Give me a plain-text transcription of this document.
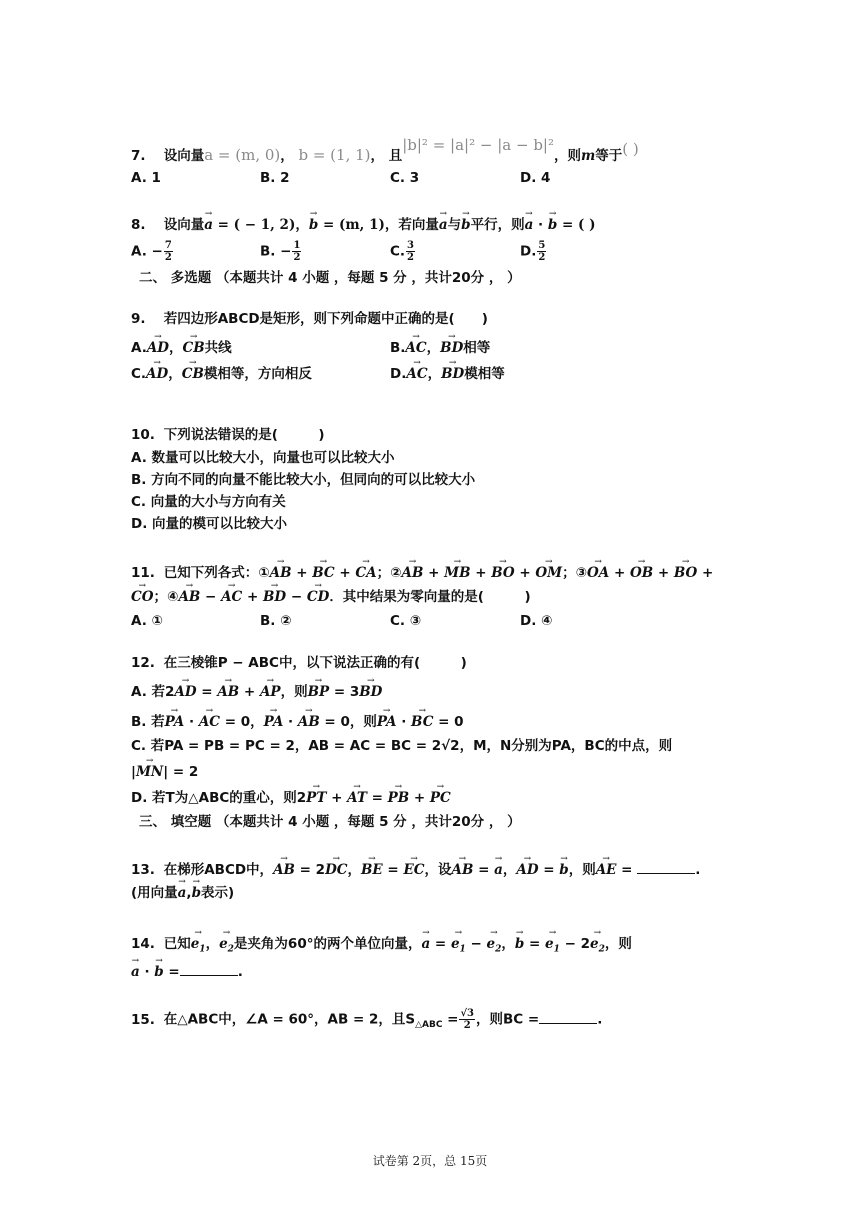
7. 设向量a = (m, 0)， b = (1, 1)， 且|b|² = |a|² − |a − b|²，则m等于( )
A. 1	B. 2	C. 3	D. 4
8. 设向量→ a = ( − 1, 2)，→ b = (m, 1)，若向量→ a与→ b平行，则→ a · → b = ( )
A. − $\frac{7}{2}$	B. − $\frac{1}{2}$	C. $\frac{3}{2}$	D. $\frac{5}{2}$
二、 多选题 （本题共计 4 小题 ，每题 5 分 ，共计20分 ， ）
9. 若四边形ABCD是矩形，则下列命题中正确的是(　　)
A.→ AD，→ CB共线	B.→ AC，→ BD相等
C.→ AD，→ CB模相等，方向相反	D.→ AC，→ BD模相等
10. 下列说法错误的是(　　　)
A. 数量可以比较大小，向量也可以比较大小
B. 方向不同的向量不能比较大小，但同向的可以比较大小
C. 向量的大小与方向有关
D. 向量的模可以比较大小
11. 已知下列各式：①→ AB + → BC + → CA；②→ AB + → MB + → BO + → OM；③→ OA + → OB + → BO +
→ CO；④→ AB − → AC + → BD − → CD．其中结果为零向量的是(　　　)
A. ①	B. ②	C. ③	D. ④
12. 在三棱锥P − ABC中，以下说法正确的有(　　　)
A. 若2→ AD = → AB + → AP，则→ BP = 3→ BD
B. 若→ PA · → AC = 0，→ PA · → AB = 0，则→ PA · → BC = 0
C. 若PA = PB = PC = 2，AB = AC = BC = 2√2，M，N分别为PA，BC的中点，则
|→ MN| = 2
D. 若T为△ABC的重心，则2→ PT + → AT = → PB + → PC
三、 填空题 （本题共计 4 小题 ，每题 5 分 ，共计20分 ， ）
13. 在梯形ABCD中，→ AB = 2→ DC，→ BE = → EC，设→ AB = → a，→ AD = → b，则→ AE =	.
(用向量→ a,→ b表示)
14. 已知→ $e_1$，→ $e_2$是夹角为60°的两个单位向量，→ a = → $e_1$ − → $e_2$，→ b = → $e_1 - 2\to e_2$，则
→ a · → b =	.
15. 在△ABC中，∠A = 60°，AB = 2，且$S_{\triangle ABC} = \frac{√3}{2}$ ，则BC =	.
试卷第 2页，总 15页
